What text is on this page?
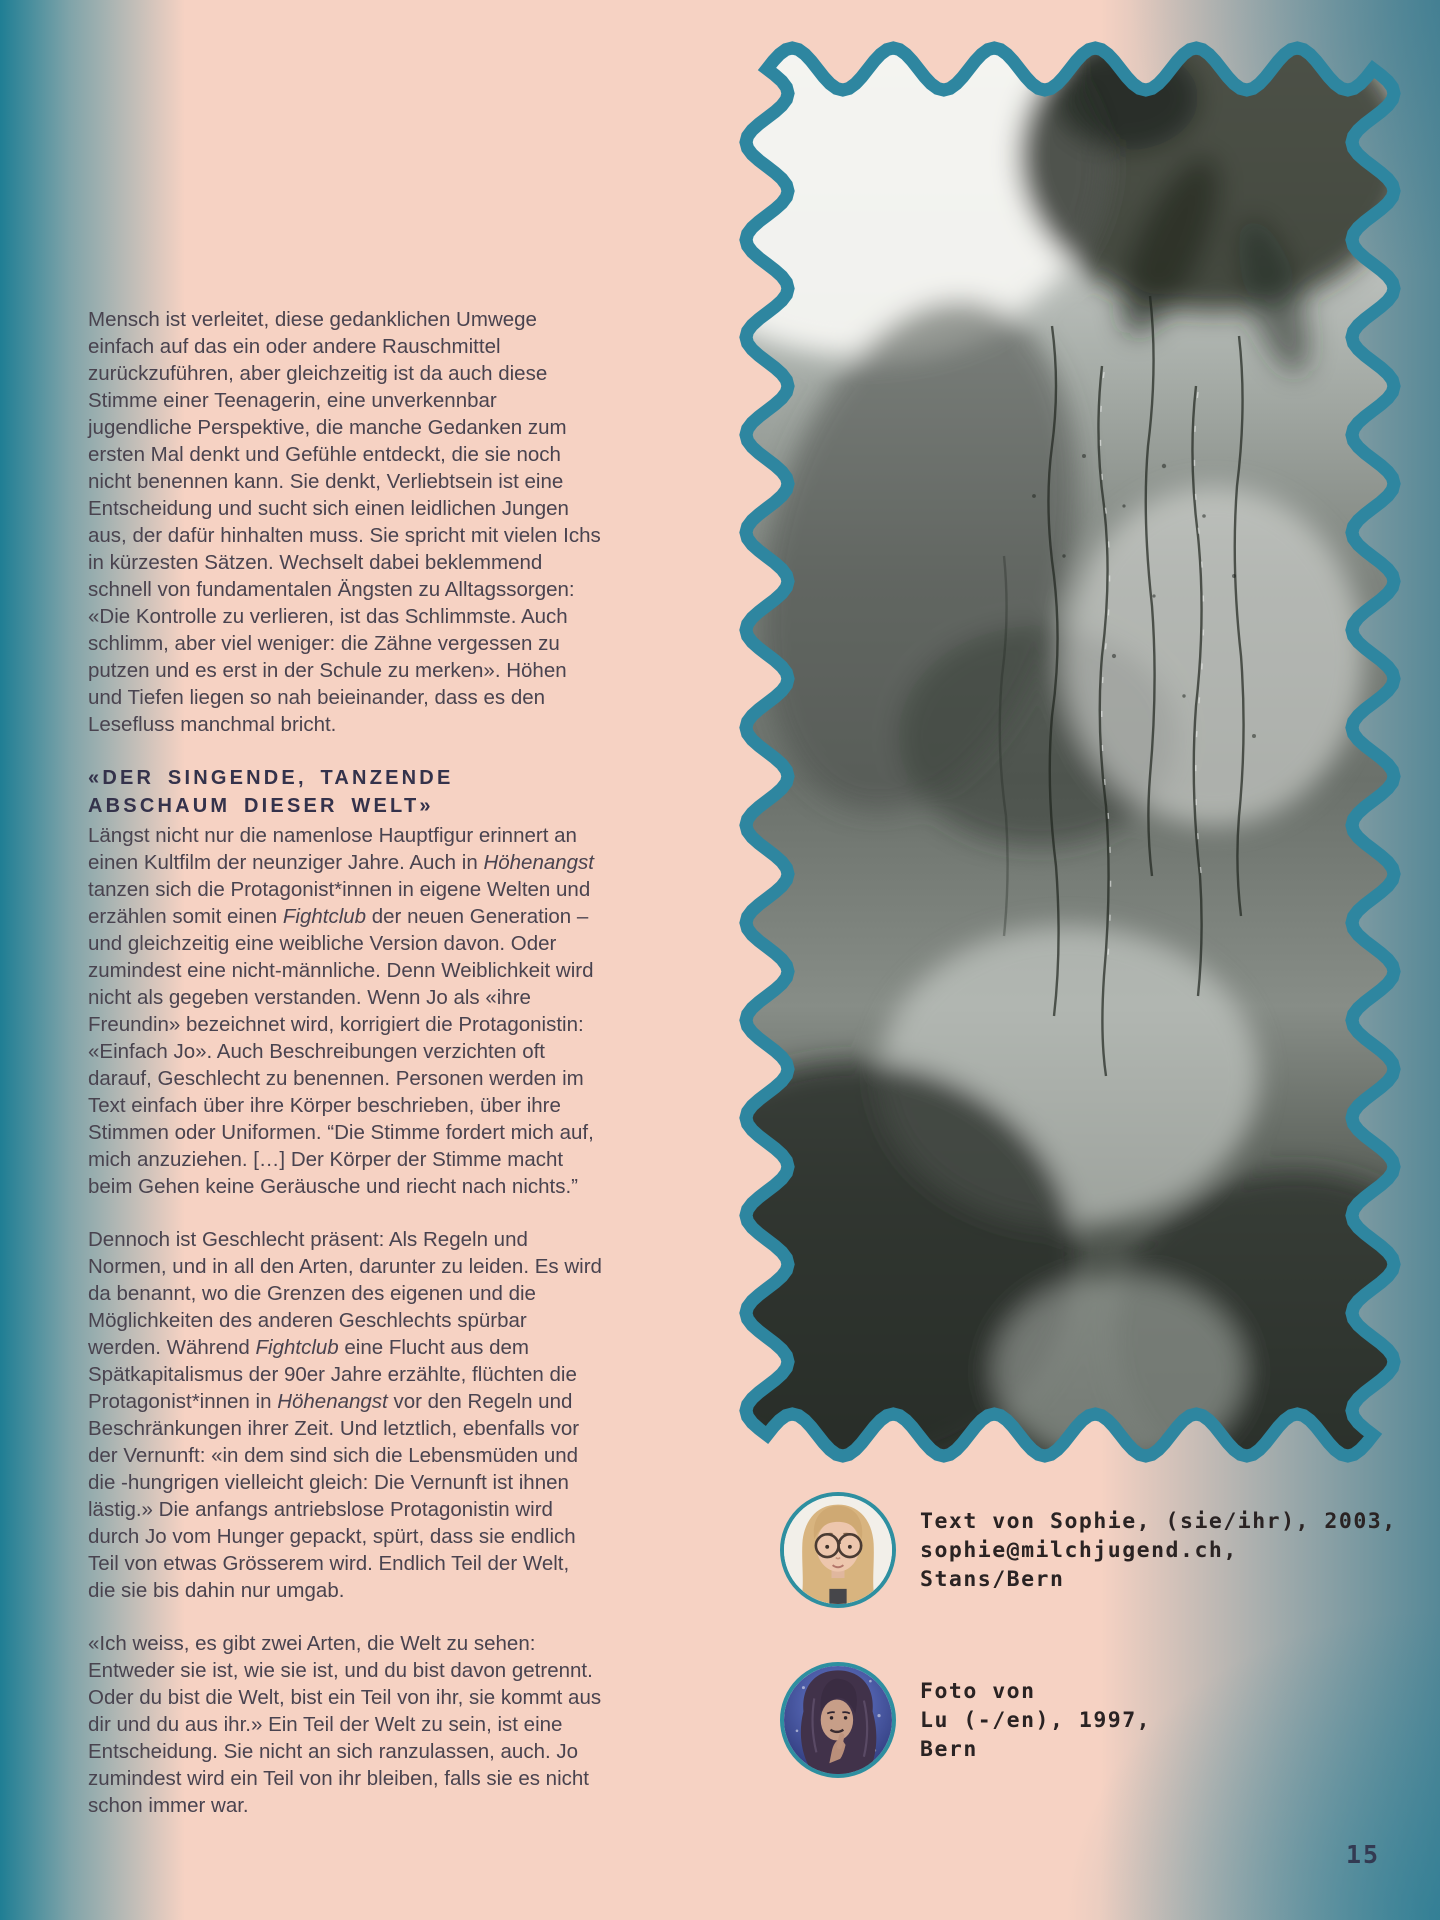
Mensch ist verleitet, diese gedanklichen Umwege einfach auf das ein oder andere Rauschmittel zurückzuführen, aber gleichzeitig ist da auch diese Stimme einer Teenagerin, eine unverkennbar jugendliche Perspektive, die manche Gedanken zum ersten Mal denkt und Gefühle entdeckt, die sie noch nicht benennen kann. Sie denkt, Verliebtsein ist eine Entscheidung und sucht sich einen leidlichen Jungen aus, der dafür hinhalten muss. Sie spricht mit vielen Ichs in kürzesten Sätzen. Wechselt dabei beklemmend schnell von fundamentalen Ängsten zu Alltagssorgen: «Die Kontrolle zu verlieren, ist das Schlimmste. Auch schlimm, aber viel weniger: die Zähne vergessen zu putzen und es erst in der Schule zu merken». Höhen und Tiefen liegen so nah beieinander, dass es den Lesefluss manchmal bricht.

«DER SINGENDE, TANZENDE ABSCHAUM DIESER WELT»

Längst nicht nur die namenlose Hauptfigur erinnert an einen Kultfilm der neunziger Jahre. Auch in Höhenangst tanzen sich die Protagonist*innen in eigene Welten und erzählen somit einen Fightclub der neuen Generation – und gleichzeitig eine weibliche Version davon. Oder zumindest eine nicht-männliche. Denn Weiblichkeit wird nicht als gegeben verstanden. Wenn Jo als «ihre Freundin» bezeichnet wird, korrigiert die Protagonistin: «Einfach Jo». Auch Beschreibungen verzichten oft darauf, Geschlecht zu benennen. Personen werden im Text einfach über ihre Körper beschrieben, über ihre Stimmen oder Uniformen. “Die Stimme fordert mich auf, mich anzuziehen. […] Der Körper der Stimme macht beim Gehen keine Geräusche und riecht nach nichts.”

Dennoch ist Geschlecht präsent: Als Regeln und Normen, und in all den Arten, darunter zu leiden. Es wird da benannt, wo die Grenzen des eigenen und die Möglichkeiten des anderen Geschlechts spürbar werden. Während Fightclub eine Flucht aus dem Spätkapitalismus der 90er Jahre erzählte, flüchten die Protagonist*innen in Höhenangst vor den Regeln und Beschränkungen ihrer Zeit. Und letztlich, ebenfalls vor der Vernunft: «in dem sind sich die Lebensmüden und die -hungrigen vielleicht gleich: Die Vernunft ist ihnen lästig.» Die anfangs antriebslose Protagonistin wird durch Jo vom Hunger gepackt, spürt, dass sie endlich Teil von etwas Grösserem wird. Endlich Teil der Welt, die sie bis dahin nur umgab.

«Ich weiss, es gibt zwei Arten, die Welt zu sehen: Entweder sie ist, wie sie ist, und du bist davon getrennt. Oder du bist die Welt, bist ein Teil von ihr, sie kommt aus dir und du aus ihr.» Ein Teil der Welt zu sein, ist eine Entscheidung. Sie nicht an sich ranzulassen, auch. Jo zumindest wird ein Teil von ihr bleiben, falls sie es nicht schon immer war.

Text von Sophie, (sie/ihr), 2003,
sophie@milchjugend.ch,
Stans/Bern
Foto von
Lu (-/en), 1997,
Bern
15
